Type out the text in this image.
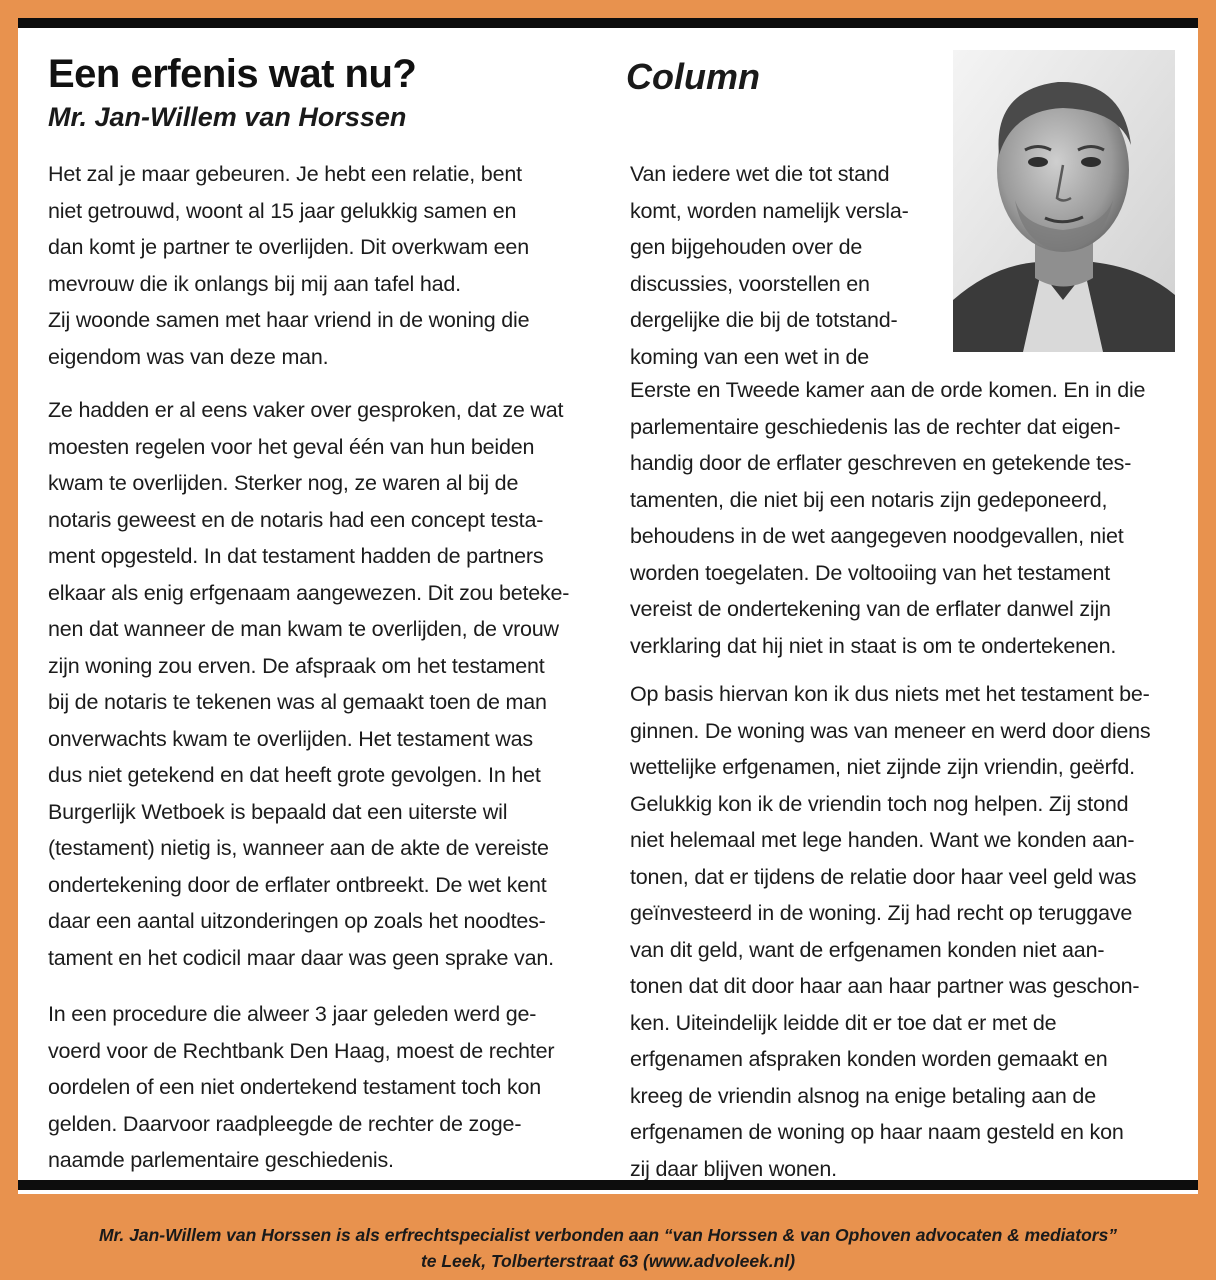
Een erfenis wat nu?
Mr. Jan-Willem van Horssen
Column

Het zal je maar gebeuren. Je hebt een relatie, bent
niet getrouwd, woont al 15 jaar gelukkig samen en
dan komt je partner te overlijden. Dit overkwam een
mevrouw die ik onlangs bij mij aan tafel had.
Zij woonde samen met haar vriend in de woning die
eigendom was van deze man.

Ze hadden er al eens vaker over gesproken, dat ze wat
moesten regelen voor het geval één van hun beiden
kwam te overlijden. Sterker nog, ze waren al bij de
notaris geweest en de notaris had een concept testa-
ment opgesteld. In dat testament hadden de partners
elkaar als enig erfgenaam aangewezen. Dit zou beteke-
nen dat wanneer de man kwam te overlijden, de vrouw
zijn woning zou erven. De afspraak om het testament
bij de notaris te tekenen was al gemaakt toen de man
onverwachts kwam te overlijden. Het testament was
dus niet getekend en dat heeft grote gevolgen. In het
Burgerlijk Wetboek is bepaald dat een uiterste wil
(testament) nietig is, wanneer aan de akte de vereiste
ondertekening door de erflater ontbreekt. De wet kent
daar een aantal uitzonderingen op zoals het noodtes-
tament en het codicil maar daar was geen sprake van.

In een procedure die alweer 3 jaar geleden werd ge-
voerd voor de Rechtbank Den Haag, moest de rechter
oordelen of een niet ondertekend testament toch kon
gelden. Daarvoor raadpleegde de rechter de zoge-
naamde parlementaire geschiedenis.

Van iedere wet die tot stand
komt, worden namelijk versla-
gen bijgehouden over de
discussies, voorstellen en
dergelijke die bij de totstand-
koming van een wet in de

Eerste en Tweede kamer aan de orde komen. En in die
parlementaire geschiedenis las de rechter dat eigen-
handig door de erflater geschreven en getekende tes-
tamenten, die niet bij een notaris zijn gedeponeerd,
behoudens in de wet aangegeven noodgevallen, niet
worden toegelaten. De voltooiing van het testament
vereist de ondertekening van de erflater danwel zijn
verklaring dat hij niet in staat is om te ondertekenen.

Op basis hiervan kon ik dus niets met het testament be-
ginnen. De woning was van meneer en werd door diens
wettelijke erfgenamen, niet zijnde zijn vriendin, geërfd.
Gelukkig kon ik de vriendin toch nog helpen. Zij stond
niet helemaal met lege handen. Want we konden aan-
tonen, dat er tijdens de relatie door haar veel geld was
geïnvesteerd in de woning. Zij had recht op teruggave
van dit geld, want de erfgenamen konden niet aan-
tonen dat dit door haar aan haar partner was geschon-
ken. Uiteindelijk leidde dit er toe dat er met de
erfgenamen afspraken konden worden gemaakt en
kreeg de vriendin alsnog na enige betaling aan de
erfgenamen de woning op haar naam gesteld en kon
zij daar blijven wonen.

Mr. Jan-Willem van Horssen is als erfrechtspecialist verbonden aan “van Horssen & van Ophoven advocaten & mediators”

te Leek, Tolberterstraat 63 (www.advoleek.nl)
